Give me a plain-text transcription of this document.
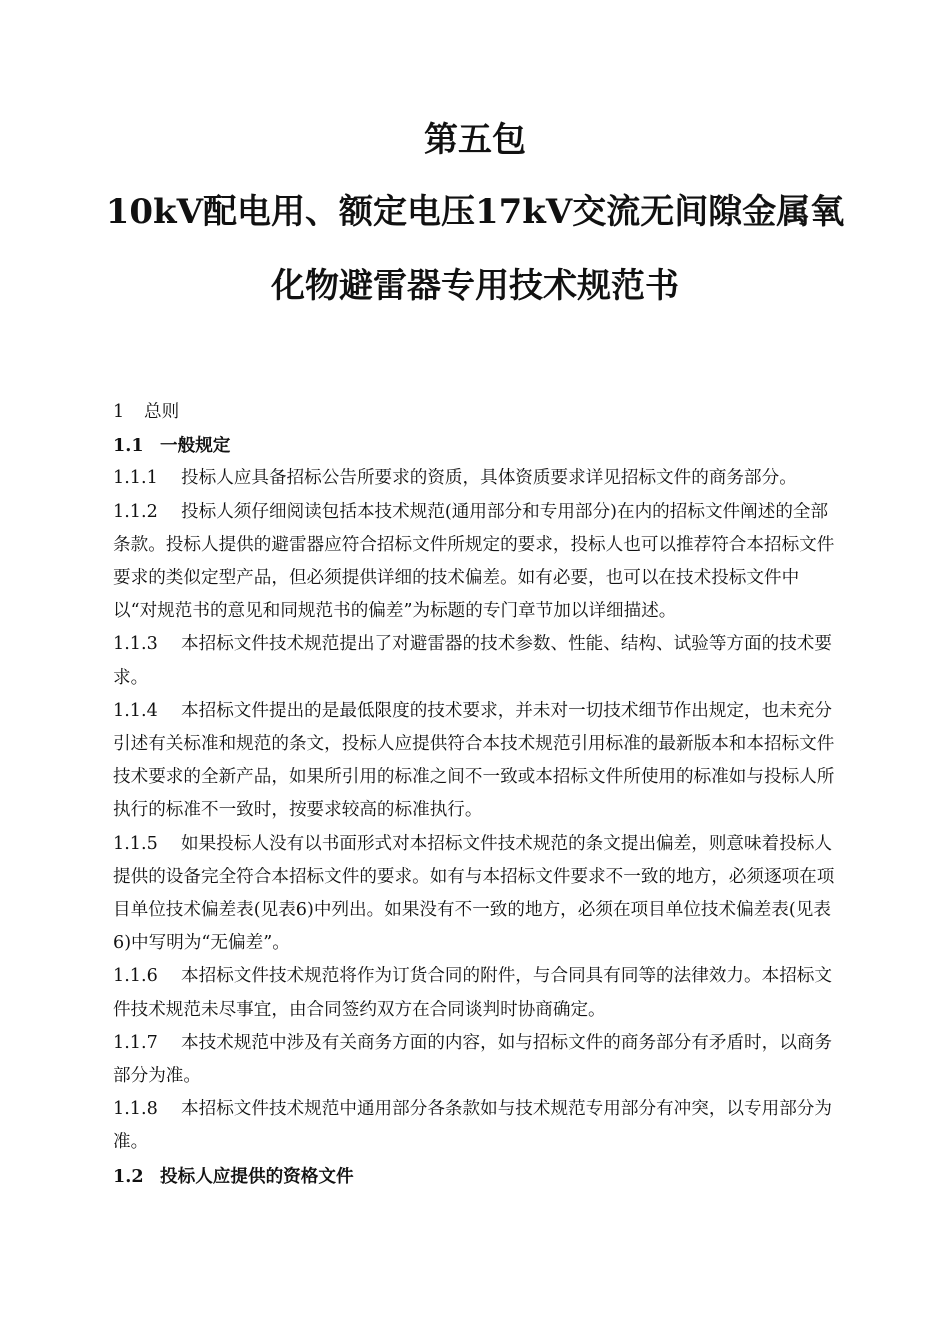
第五包
10kV配电用、额定电压17kV交流无间隙金属氧
化物避雷器专用技术规范书

1 总则

1.1 一般规定

1.1.1 投标人应具备招标公告所要求的资质，具体资质要求详见招标文件的商务部分。

1.1.2 投标人须仔细阅读包括本技术规范(通用部分和专用部分)在内的招标文件阐述的全部条款。投标人提供的避雷器应符合招标文件所规定的要求，投标人也可以推荐符合本招标文件要求的类似定型产品，但必须提供详细的技术偏差。如有必要，也可以在技术投标文件中以“对规范书的意见和同规范书的偏差”为标题的专门章节加以详细描述。

1.1.3 本招标文件技术规范提出了对避雷器的技术参数、性能、结构、试验等方面的技术要求。

1.1.4 本招标文件提出的是最低限度的技术要求，并未对一切技术细节作出规定，也未充分引述有关标准和规范的条文，投标人应提供符合本技术规范引用标准的最新版本和本招标文件技术要求的全新产品，如果所引用的标准之间不一致或本招标文件所使用的标准如与投标人所执行的标准不一致时，按要求较高的标准执行。

1.1.5 如果投标人没有以书面形式对本招标文件技术规范的条文提出偏差，则意味着投标人提供的设备完全符合本招标文件的要求。如有与本招标文件要求不一致的地方，必须逐项在项目单位技术偏差表(见表6)中列出。如果没有不一致的地方，必须在项目单位技术偏差表(见表6)中写明为“无偏差”。

1.1.6 本招标文件技术规范将作为订货合同的附件，与合同具有同等的法律效力。本招标文件技术规范未尽事宜，由合同签约双方在合同谈判时协商确定。

1.1.7 本技术规范中涉及有关商务方面的内容，如与招标文件的商务部分有矛盾时，以商务部分为准。

1.1.8 本招标文件技术规范中通用部分各条款如与技术规范专用部分有冲突，以专用部分为准。

1.2 投标人应提供的资格文件
